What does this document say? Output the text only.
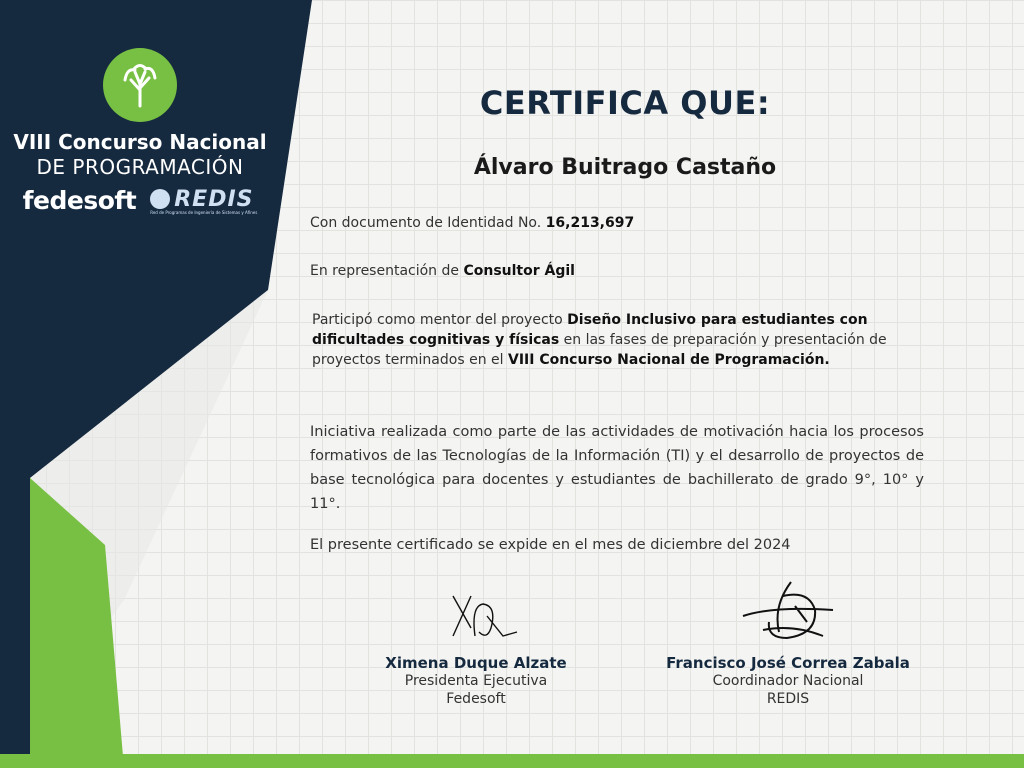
VIII Concurso Nacional
DE PROGRAMACIÓN
fedesoft REDIS
Red de Programas de Ingeniería de Sistemas y Afines
CERTIFICA QUE:
Álvaro Buitrago Castaño
Con documento de Identidad No. 16,213,697
En representación de Consultor Ágil
Participó como mentor del proyecto Diseño Inclusivo para estudiantes con dificultades cognitivas y físicas en las fases de preparación y presentación de proyectos terminados en el VIII Concurso Nacional de Programación.
Iniciativa realizada como parte de las actividades de motivación hacia los procesos formativos de las Tecnologías de la Información (TI) y el desarrollo de proyectos de base tecnológica para docentes y estudiantes de bachillerato de grado 9°, 10° y 11°.
El presente certificado se expide en el mes de diciembre del 2024
Ximena Duque Alzate
Presidenta Ejecutiva
Fedesoft
Francisco José Correa Zabala
Coordinador Nacional
REDIS
